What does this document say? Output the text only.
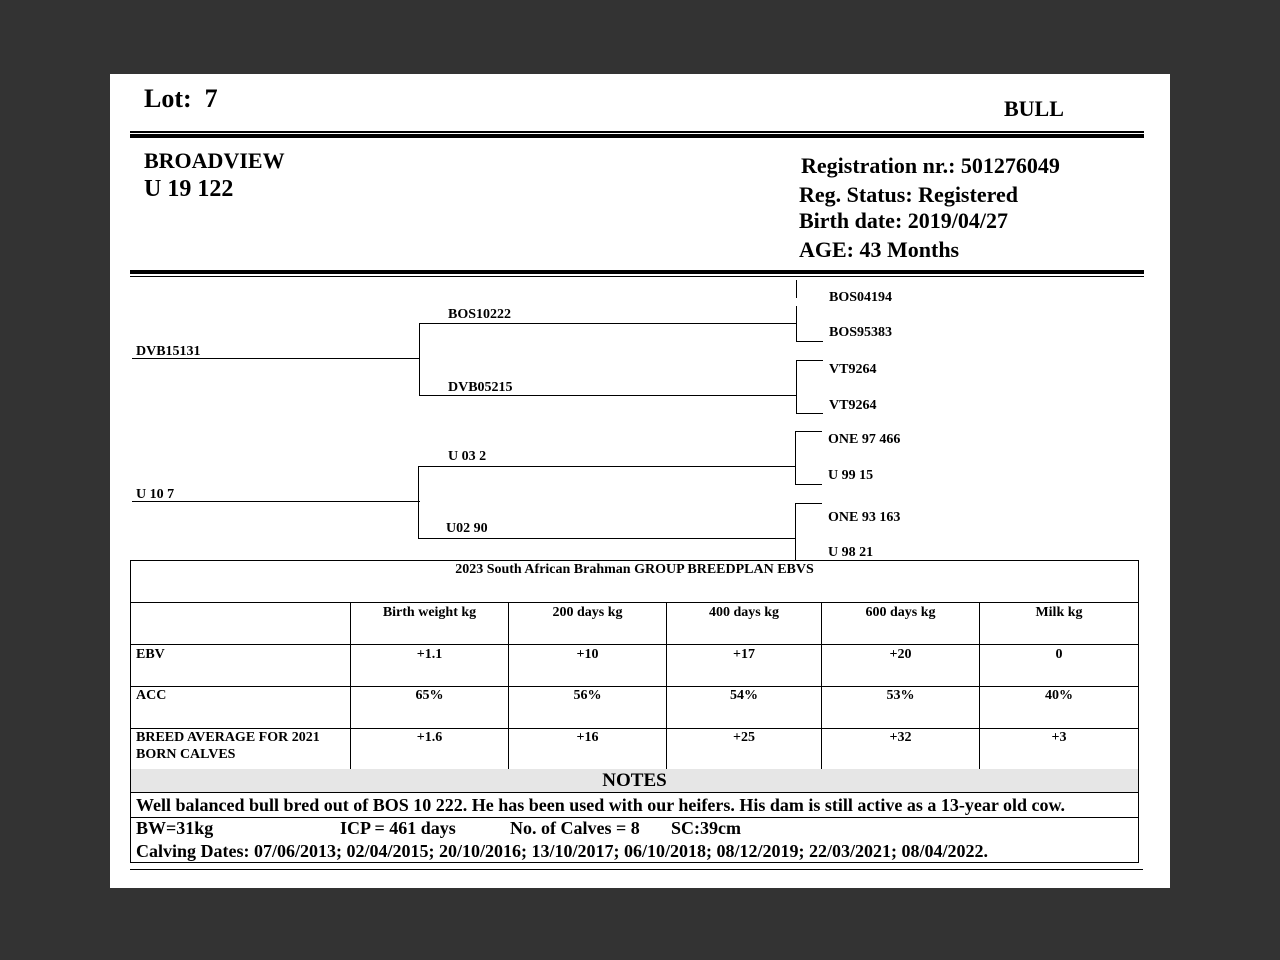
Lot: 7	BULL
BROADVIEW
U 19 122
Registration nr.: 501276049
Reg. Status: Registered
Birth date: 2019/04/27
AGE: 43 Months
DVB15131
U 10 7
BOS10222
DVB05215
U 03 2
U02 90
BOS04194
BOS95383
VT9264
VT9264
ONE 97 466
U 99 15
ONE 93 163
U 98 21
2023 South African Brahman GROUP BREEDPLAN EBVS					
	Birth weight kg	200 days kg	400 days kg	600 days kg	Milk kg
EBV	+1.1	+10	+17	+20	0
ACC	65%	56%	54%	53%	40%
BREED AVERAGE FOR 2021 BORN CALVES	+1.6	+16	+25	+32	+3
NOTES
Well balanced bull bred out of BOS 10 222. He has been used with our heifers. His dam is still active as a 13-year old cow.
BW=31kg	ICP = 461 days	No. of Calves = 8 SC:39cm
Calving Dates: 07/06/2013; 02/04/2015; 20/10/2016; 13/10/2017; 06/10/2018; 08/12/2019; 22/03/2021; 08/04/2022.
